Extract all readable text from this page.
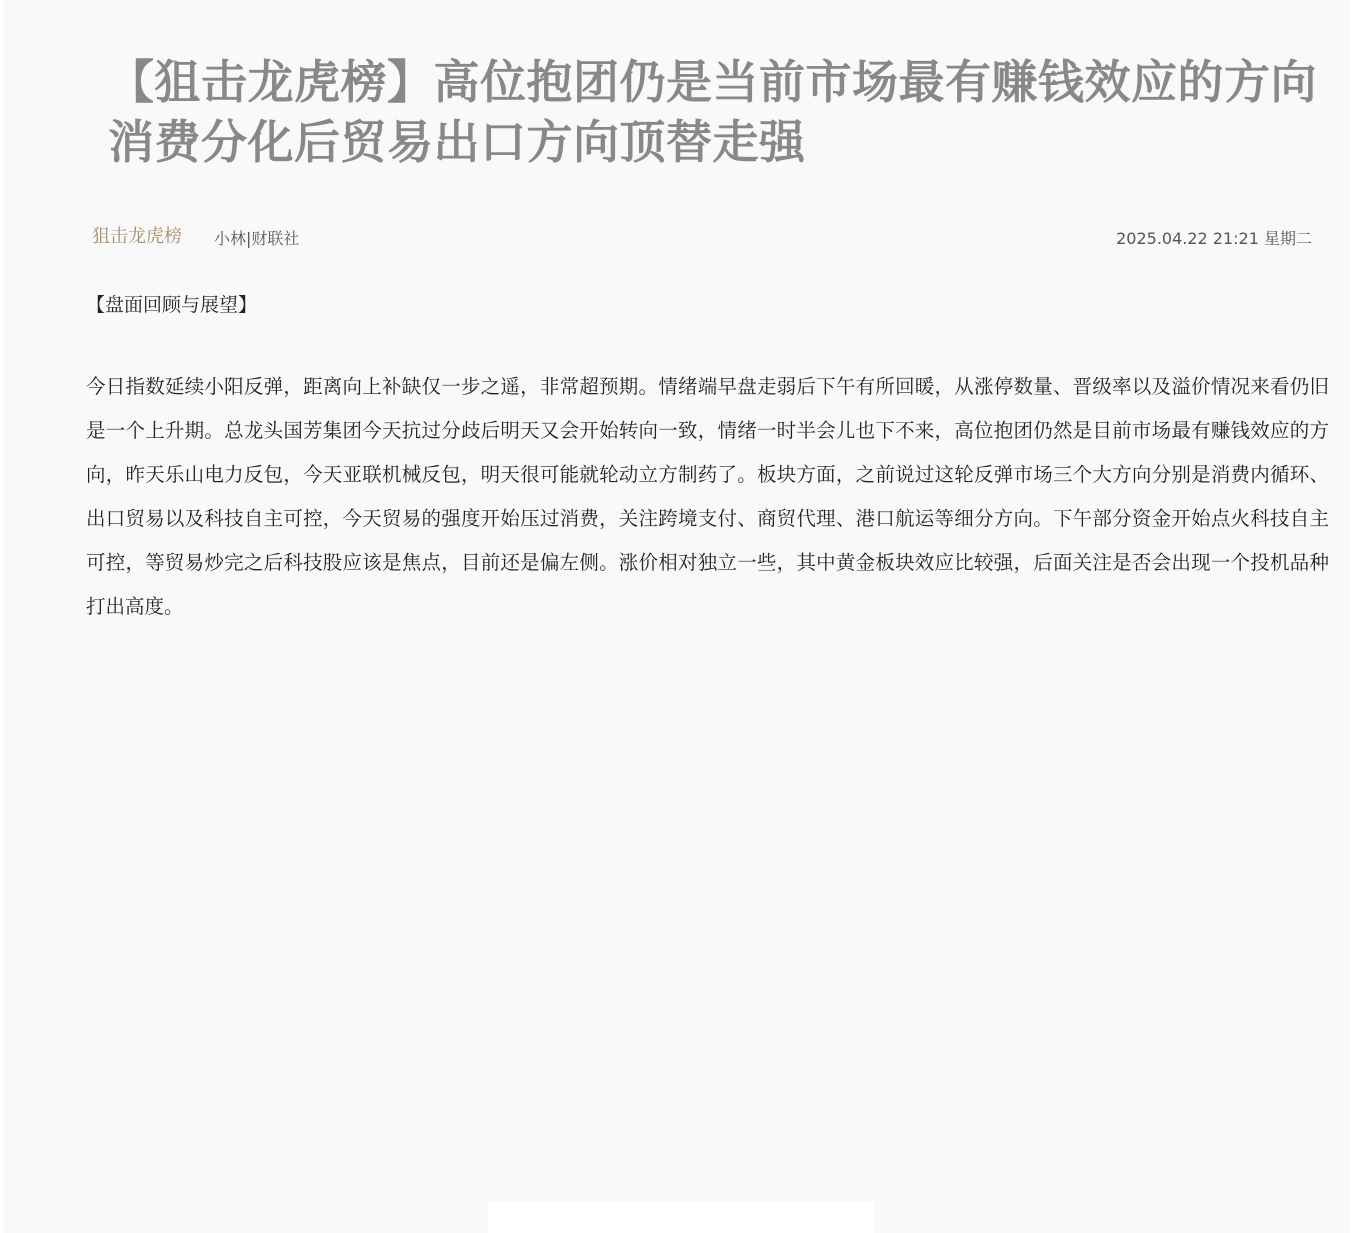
【狙击龙虎榜】高位抱团仍是当前市场最有赚钱效应的方向 消费分化后贸易出口方向顶替走强
狙击龙虎榜 小林|财联社	2025.04.22 21:21 星期二
【盘面回顾与展望】

今日指数延续小阳反弹，距离向上补缺仅一步之遥，非常超预期。情绪端早盘走弱后下午有所回暖，从涨停数量、晋级率以及溢价情况来看仍旧是一个上升期。总龙头国芳集团今天抗过分歧后明天又会开始转向一致，情绪一时半会儿也下不来，高位抱团仍然是目前市场最有赚钱效应的方向，昨天乐山电力反包，今天亚联机械反包，明天很可能就轮动立方制药了。板块方面，之前说过这轮反弹市场三个大方向分别是消费内循环、出口贸易以及科技自主可控，今天贸易的强度开始压过消费，关注跨境支付、商贸代理、港口航运等细分方向。下午部分资金开始点火科技自主可控，等贸易炒完之后科技股应该是焦点，目前还是偏左侧。涨价相对独立一些，其中黄金板块效应比较强，后面关注是否会出现一个投机品种打出高度。
